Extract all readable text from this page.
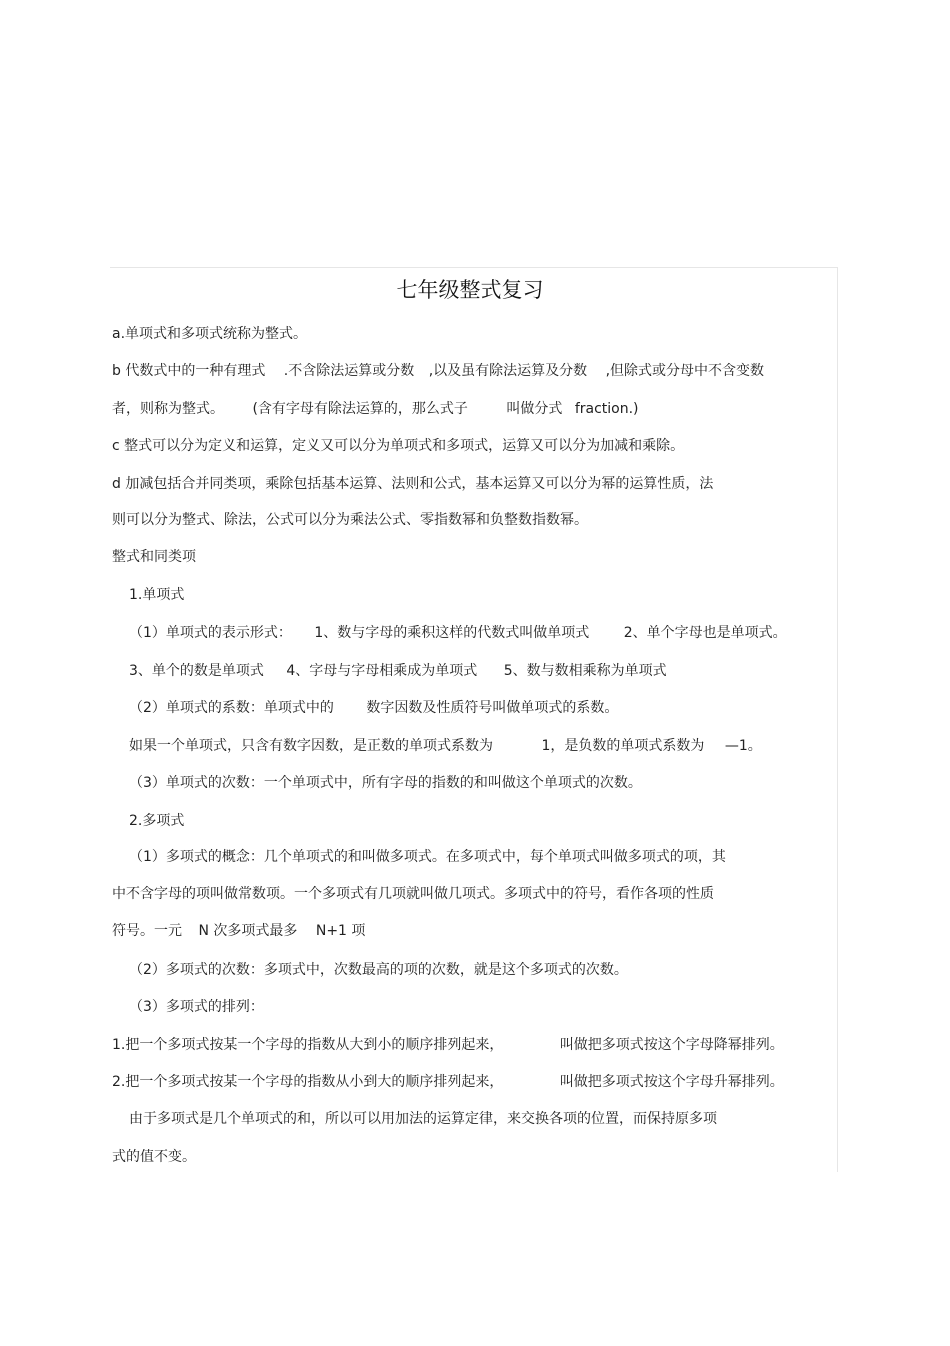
七年级整式复习
a.单项式和多项式统称为整式。
b 代数式中的一种有理式 .不含除法运算或分数 ,以及虽有除法运算及分数 ,但除式或分母中不含变数
者，则称为整式。 (含有字母有除法运算的，那么式子	叫做分式 fraction.)
c 整式可以分为定义和运算，定义又可以分为单项式和多项式，运算又可以分为加减和乘除。
d 加减包括合并同类项，乘除包括基本运算、法则和公式，基本运算又可以分为幂的运算性质，法
则可以分为整式、除法，公式可以分为乘法公式、零指数幂和负整数指数幂。
整式和同类项
1.单项式
（1）单项式的表示形式： 1、数与字母的乘积这样的代数式叫做单项式 2、单个字母也是单项式。
3、单个的数是单项式 4、字母与字母相乘成为单项式 5、数与数相乘称为单项式
（2）单项式的系数：单项式中的 数字因数及性质符号叫做单项式的系数。
如果一个单项式，只含有数字因数，是正数的单项式系数为	1，是负数的单项式系数为 —1。
（3）单项式的次数：一个单项式中，所有字母的指数的和叫做这个单项式的次数。
2.多项式
（1）多项式的概念：几个单项式的和叫做多项式。在多项式中，每个单项式叫做多项式的项，其
中不含字母的项叫做常数项。一个多项式有几项就叫做几项式。多项式中的符号，看作各项的性质
符号。一元 N 次多项式最多 N+1 项
（2）多项式的次数：多项式中，次数最高的项的次数，就是这个多项式的次数。
（3）多项式的排列：
1.把一个多项式按某一个字母的指数从大到小的顺序排列起来，	叫做把多项式按这个字母降幂排列。
2.把一个多项式按某一个字母的指数从小到大的顺序排列起来，	叫做把多项式按这个字母升幂排列。
由于多项式是几个单项式的和，所以可以用加法的运算定律，来交换各项的位置，而保持原多项
式的值不变。
